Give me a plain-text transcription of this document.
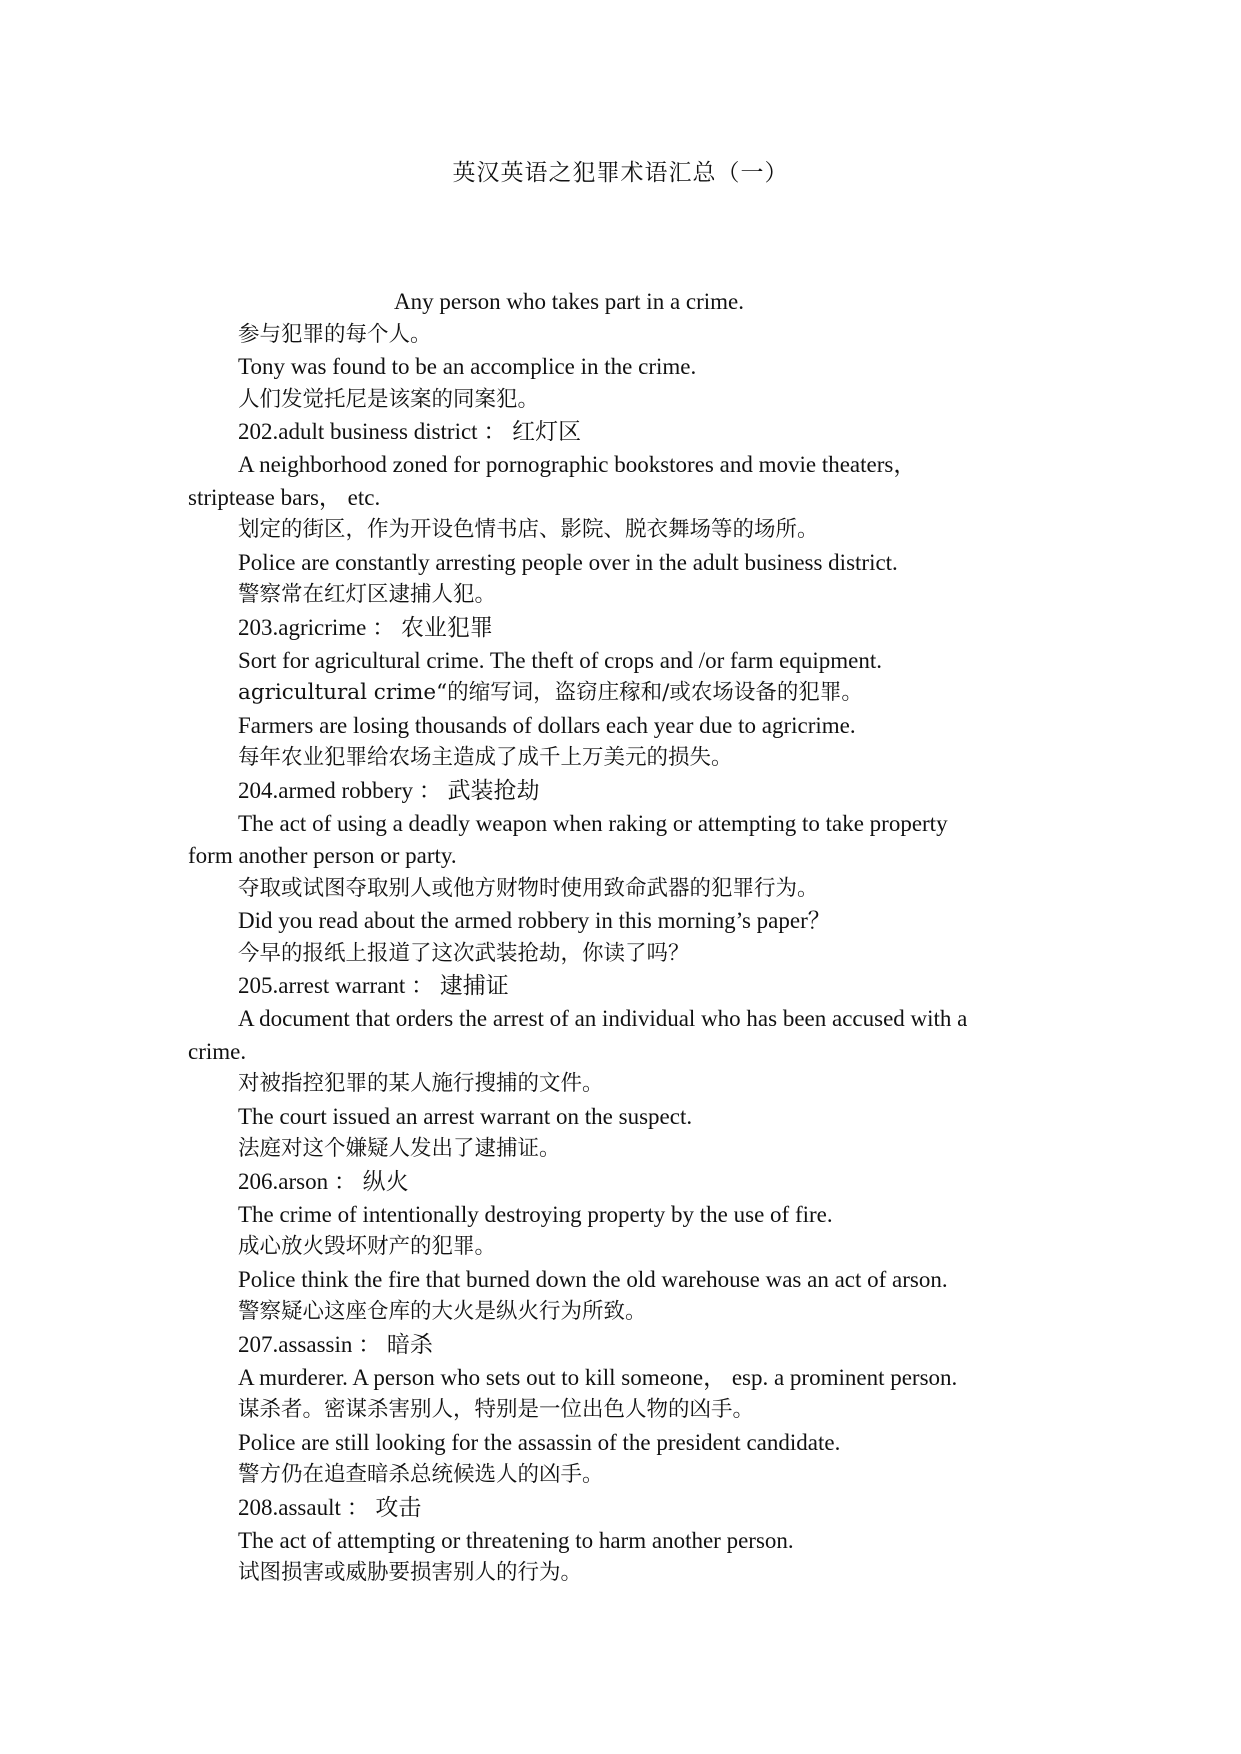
英汉英语之犯罪术语汇总（一）
Any person who takes part in a crime.
参与犯罪的每个人。
Tony was found to be an accomplice in the crime.
人们发觉托尼是该案的同案犯。
202.adult business district ： 红灯区
A neighborhood zoned for pornographic bookstores and movie theaters，
striptease bars， etc.
划定的街区，作为开设色情书店、影院、脱衣舞场等的场所。
Police are constantly arresting people over in the adult business district.
警察常在红灯区逮捕人犯。
203.agricrime ： 农业犯罪
Sort for agricultural crime. The theft of crops and /or farm equipment.
agricultural crime“的缩写词，盗窃庄稼和/或农场设备的犯罪。
Farmers are losing thousands of dollars each year due to agricrime.
每年农业犯罪给农场主造成了成千上万美元的损失。
204.armed robbery ： 武装抢劫
The act of using a deadly weapon when raking or attempting to take property
form another person or party.
夺取或试图夺取别人或他方财物时使用致命武器的犯罪行为。
Did you read about the armed robbery in this morning’s paper？
今早的报纸上报道了这次武装抢劫，你读了吗？
205.arrest warrant ： 逮捕证
A document that orders the arrest of an individual who has been accused with a
crime.
对被指控犯罪的某人施行搜捕的文件。
The court issued an arrest warrant on the suspect.
法庭对这个嫌疑人发出了逮捕证。
206.arson ： 纵火
The crime of intentionally destroying property by the use of fire.
成心放火毁坏财产的犯罪。
Police think the fire that burned down the old warehouse was an act of arson.
警察疑心这座仓库的大火是纵火行为所致。
207.assassin ： 暗杀
A murderer. A person who sets out to kill someone， esp. a prominent person.
谋杀者。密谋杀害别人，特别是一位出色人物的凶手。
Police are still looking for the assassin of the president candidate.
警方仍在追查暗杀总统候选人的凶手。
208.assault ： 攻击
The act of attempting or threatening to harm another person.
试图损害或威胁要损害别人的行为。
